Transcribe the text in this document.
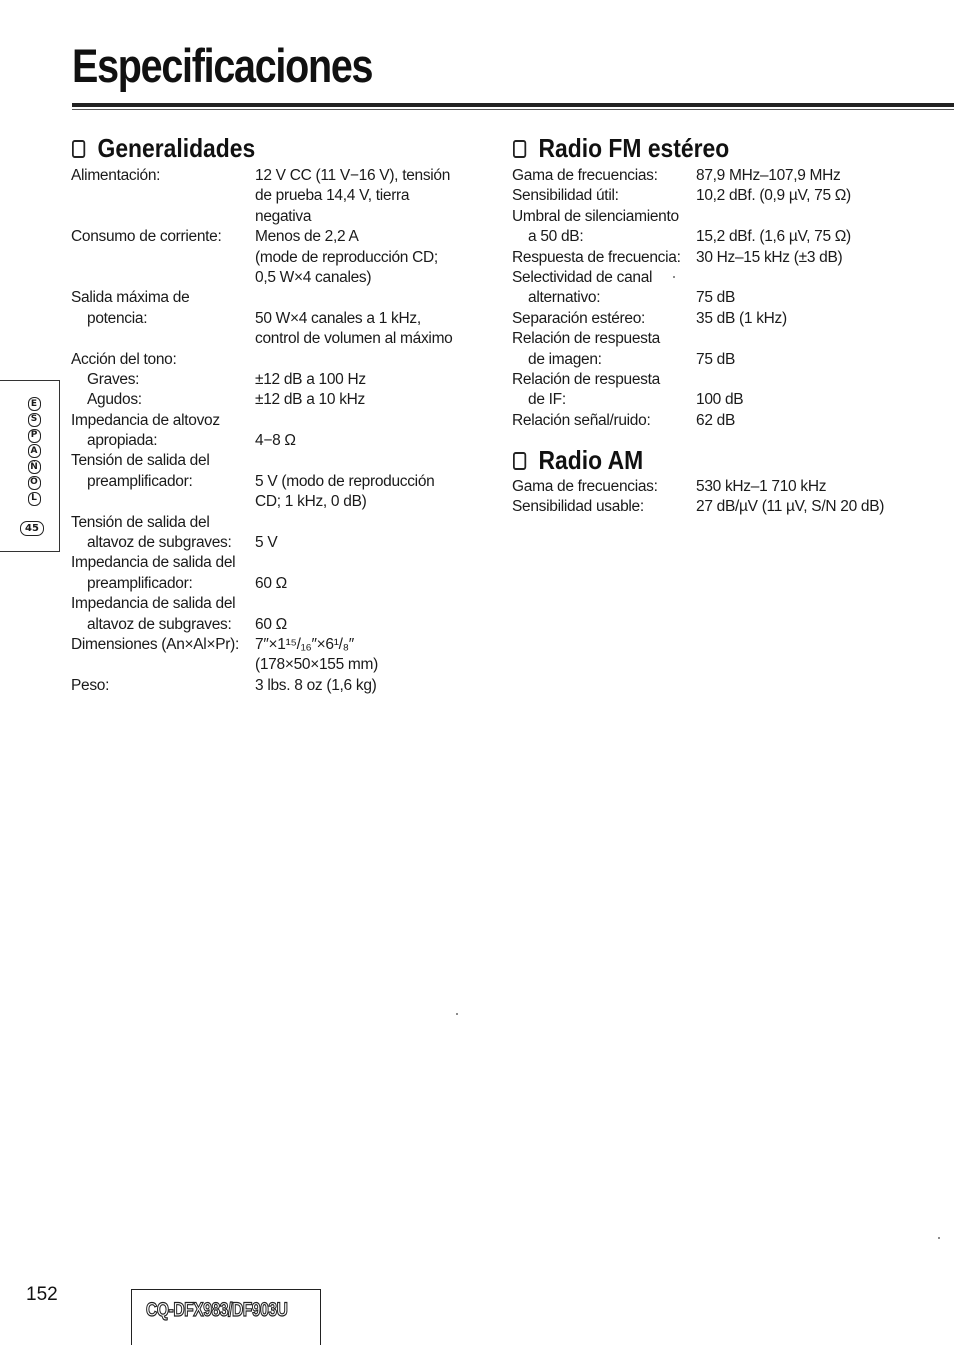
Especificaciones
Generalidades
Alimentación:	12 V CC (11 V−16 V), tensión
de prueba 14,4 V, tierra
negativa
Consumo de corriente: Menos de 2,2 A
(mode de reproducción CD;
0,5 W×4 canales)
Salida máxima de
potencia:	50 W×4 canales a 1 kHz,
control de volumen al máximo
Acción del tono:
Graves:	±12 dB a 100 Hz
Agudos:	±12 dB a 10 kHz
Impedancia de altovoz
apropiada:	4−8 Ω
Tensión de salida del
preamplificador:	5 V (modo de reproducción
CD; 1 kHz, 0 dB)
Tensión de salida del
altavoz de subgraves: 5 V
Impedancia de salida del
preamplificador:	60 Ω
Impedancia de salida del
altavoz de subgraves: 60 Ω
Dimensiones (An×Al×Pr): 7″×1¹⁵/₁₆″×6¹/₈″
(178×50×155 mm)
Peso:	3 lbs. 8 oz (1,6 kg)
Radio FM estéreo
Gama de frecuencias: 87,9 MHz–107,9 MHz
Sensibilidad útil:	10,2 dBf. (0,9 µV, 75 Ω)
Umbral de silenciamiento
a 50 dB:	15,2 dBf. (1,6 µV, 75 Ω)
Respuesta de frecuencia: 30 Hz–15 kHz (±3 dB)
Selectividad de canal
alternativo:	75 dB
Separación estéreo:	35 dB (1 kHz)
Relación de respuesta
de imagen:	75 dB
Relación de respuesta
de IF:	100 dB
Relación señal/ruido:	62 dB
Radio AM
Gama de frecuencias: 530 kHz–1 710 kHz
Sensibilidad usable:	27 dB/µV (11 µV, S/N 20 dB)
E
S
P
A
Ñ
O
L
45
152
CQ-DFX983/DF903U
